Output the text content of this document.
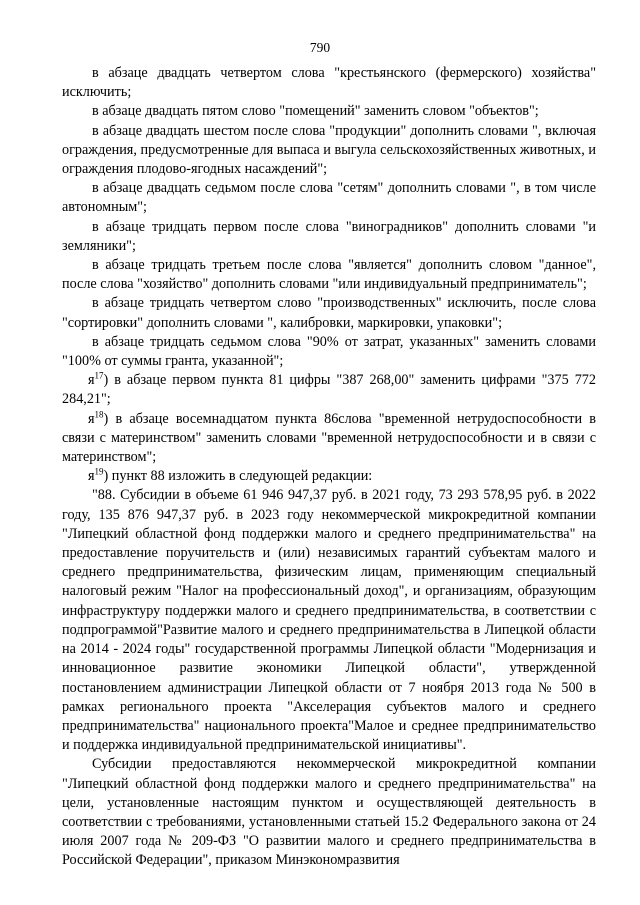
790

в абзаце двадцать четвертом слова "крестьянского (фермерского) хозяйства" исключить;

в абзаце двадцать пятом слово "помещений" заменить словом "объектов";

в абзаце двадцать шестом после слова "продукции" дополнить словами ", включая ограждения, предусмотренные для выпаса и выгула сельскохозяйственных животных, и ограждения плодово-ягодных насаждений";

в абзаце двадцать седьмом после слова "сетям" дополнить словами ", в том числе автономным";

в абзаце тридцать первом после слова "виноградников" дополнить словами "и земляники";

в абзаце тридцать третьем после слова "является" дополнить словом "данное", после слова "хозяйство" дополнить словами "или индивидуальный предприниматель";

в абзаце тридцать четвертом слово "производственных" исключить, после слова "сортировки" дополнить словами ", калибровки, маркировки, упаковки";

в абзаце тридцать седьмом слова "90% от затрат, указанных" заменить словами "100% от суммы гранта, указанной";

$я^{17}$) в абзаце первом пункта 81 цифры "387 268,00" заменить цифрами "375 772 284,21";

$я^{18}$) в абзаце восемнадцатом пункта 86слова "временной нетрудоспособности в связи с материнством" заменить словами "временной нетрудоспособности и в связи с материнством";

$я^{19}$) пункт 88 изложить в следующей редакции:

"88. Субсидии в объеме 61 946 947,37 руб. в 2021 году, 73 293 578,95 руб. в 2022 году, 135 876 947,37 руб. в 2023 году некоммерческой микрокредитной компании "Липецкий областной фонд поддержки малого и среднего предпринимательства" на предоставление поручительств и (или) независимых гарантий субъектам малого и среднего предпринимательства, физическим лицам, применяющим специальный налоговый режим "Налог на профессиональный доход", и организациям, образующим инфраструктуру поддержки малого и среднего предпринимательства, в соответствии с подпрограммой"Развитие малого и среднего предпринимательства в Липецкой области на 2014 - 2024 годы" государственной программы Липецкой области "Модернизация и инновационное развитие экономики Липецкой области", утвержденной постановлением администрации Липецкой области от 7 ноября 2013 года № 500 в рамках регионального проекта "Акселерация субъектов малого и среднего предпринимательства" национального проекта"Малое и среднее предпринимательство и поддержка индивидуальной предпринимательской инициативы".

Субсидии предоставляются некоммерческой микрокредитной компании "Липецкий областной фонд поддержки малого и среднего предпринимательства" на цели, установленные настоящим пунктом и осуществляющей деятельность в соответствии с требованиями, установленными статьей 15.2 Федерального закона от 24 июля 2007 года № 209-ФЗ "О развитии малого и среднего предпринимательства в Российской Федерации", приказом Минэкономразвития
